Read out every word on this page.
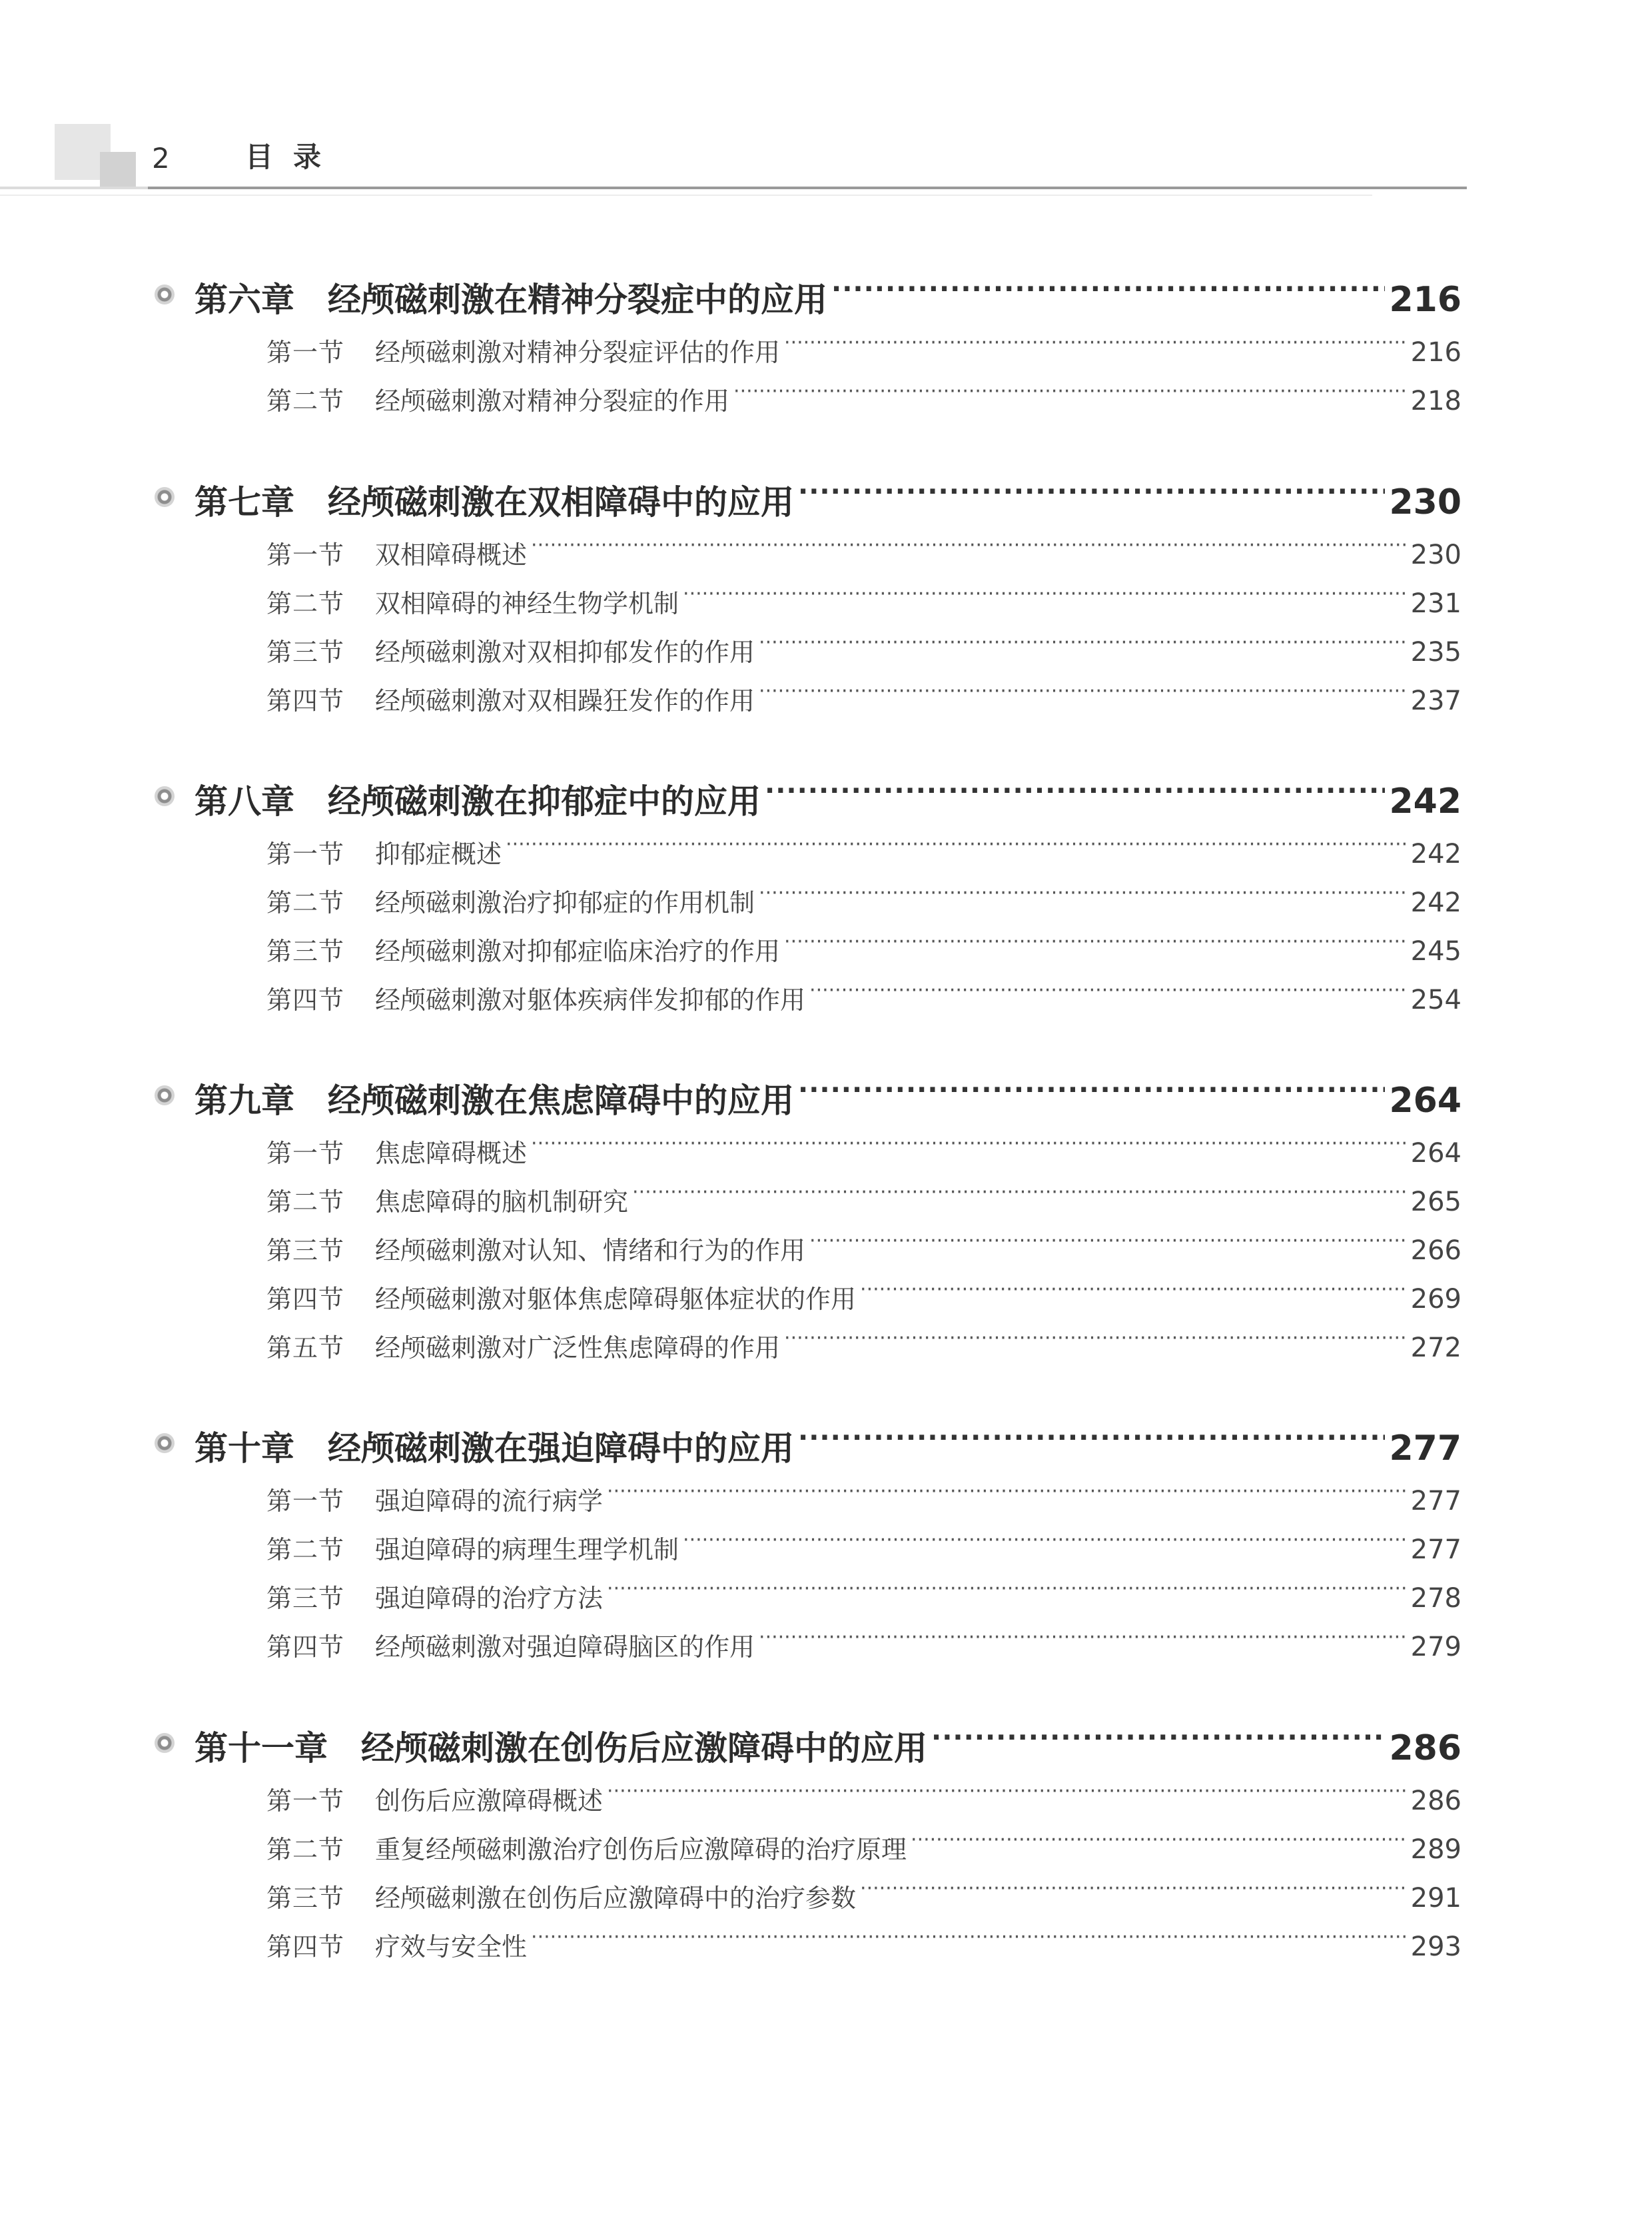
2	目录
第六章 经颅磁刺激在精神分裂症中的应用 ·····	216
第一节 经颅磁刺激对精神分裂症评估的作用 ·····	216
第二节 经颅磁刺激对精神分裂症的作用 ·····	218
第七章 经颅磁刺激在双相障碍中的应用 ·····	230
第一节 双相障碍概述 ·····	230
第二节 双相障碍的神经生物学机制 ·····	231
第三节 经颅磁刺激对双相抑郁发作的作用 ·····	235
第四节 经颅磁刺激对双相躁狂发作的作用 ·····	237
第八章 经颅磁刺激在抑郁症中的应用 ·····	242
第一节 抑郁症概述 ·····	242
第二节 经颅磁刺激治疗抑郁症的作用机制 ·····	242
第三节 经颅磁刺激对抑郁症临床治疗的作用 ·····	245
第四节 经颅磁刺激对躯体疾病伴发抑郁的作用 ·····	254
第九章 经颅磁刺激在焦虑障碍中的应用 ·····	264
第一节 焦虑障碍概述 ·····	264
第二节 焦虑障碍的脑机制研究 ·····	265
第三节 经颅磁刺激对认知、情绪和行为的作用 ·····	266
第四节 经颅磁刺激对躯体焦虑障碍躯体症状的作用 ·····	269
第五节 经颅磁刺激对广泛性焦虑障碍的作用 ·····	272
第十章 经颅磁刺激在强迫障碍中的应用 ·····	277
第一节 强迫障碍的流行病学 ·····	277
第二节 强迫障碍的病理生理学机制 ·····	277
第三节 强迫障碍的治疗方法 ·····	278
第四节 经颅磁刺激对强迫障碍脑区的作用 ·····	279
第十一章 经颅磁刺激在创伤后应激障碍中的应用 ·····	286
第一节 创伤后应激障碍概述 ·····	286
第二节 重复经颅磁刺激治疗创伤后应激障碍的治疗原理 ·····	289
第三节 经颅磁刺激在创伤后应激障碍中的治疗参数 ·····	291
第四节 疗效与安全性 ·····	293
